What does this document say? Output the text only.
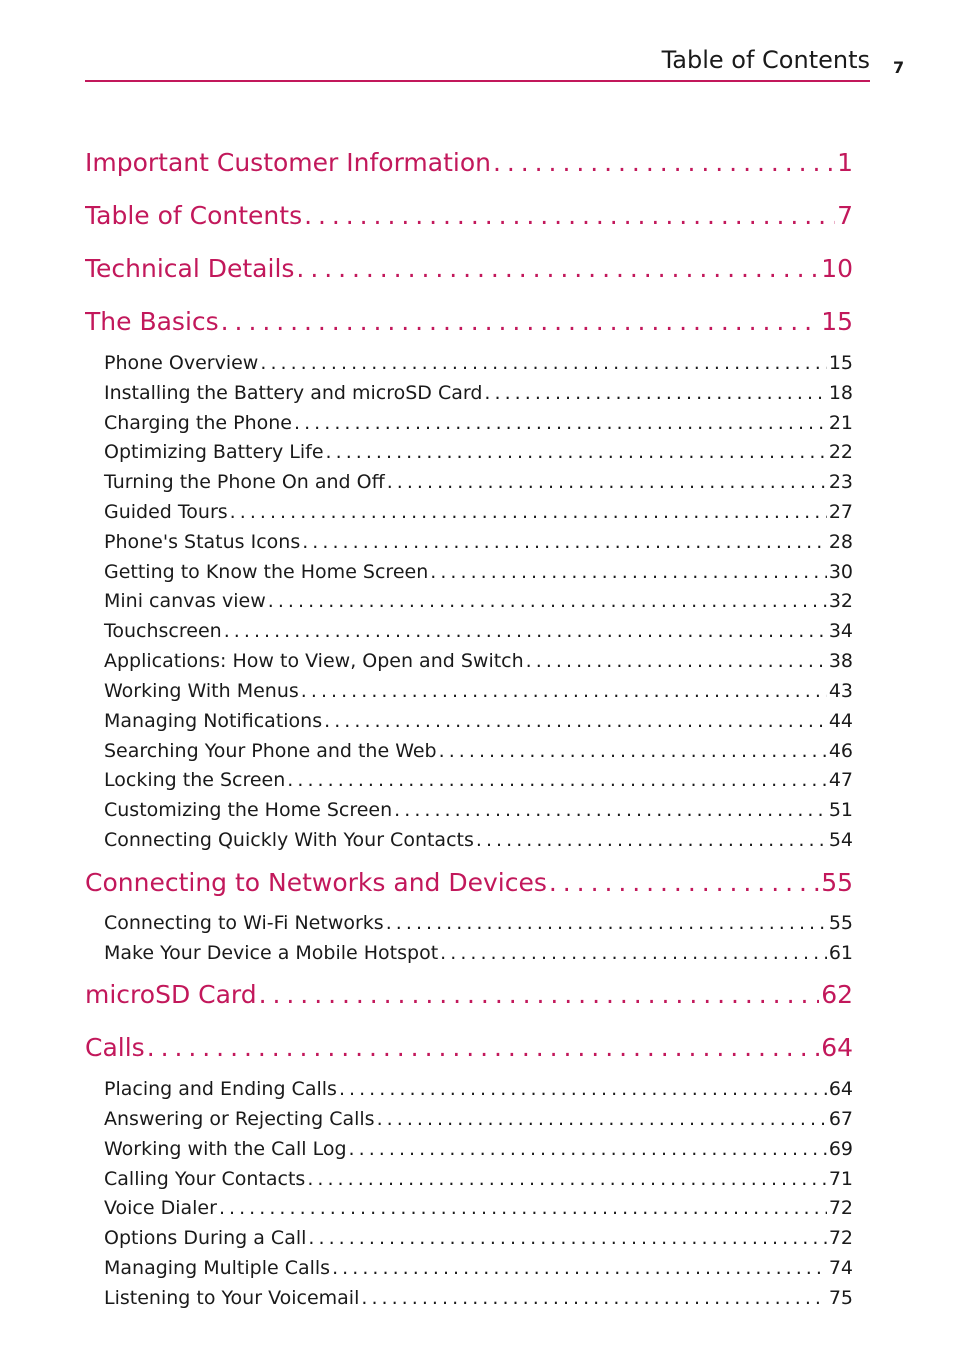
Table of Contents 7
Important Customer Information . . .	1
Table of Contents . . .	7
Technical Details . . .	10
The Basics . . .	15
Phone Overview . . .	15
Installing the Battery and microSD Card . . .	18
Charging the Phone . . .	21
Optimizing Battery Life . . .	22
Turning the Phone On and Off . . .	23
Guided Tours . . .	27
Phone's Status Icons . . .	28
Getting to Know the Home Screen . . .	30
Mini canvas view . . .	32
Touchscreen . . .	34
Applications: How to View, Open and Switch . . .	38
Working With Menus . . .	43
Managing Notifications . . .	44
Searching Your Phone and the Web . . .	46
Locking the Screen . . .	47
Customizing the Home Screen . . .	51
Connecting Quickly With Your Contacts . . .	54
Connecting to Networks and Devices . . .	55
Connecting to Wi-Fi Networks . . .	55
Make Your Device a Mobile Hotspot . . .	61
microSD Card . . .	62
Calls . . .	64
Placing and Ending Calls . . .	64
Answering or Rejecting Calls . . .	67
Working with the Call Log . . .	69
Calling Your Contacts . . .	71
Voice Dialer . . .	72
Options During a Call . . .	72
Managing Multiple Calls . . .	74
Listening to Your Voicemail . . .	75
